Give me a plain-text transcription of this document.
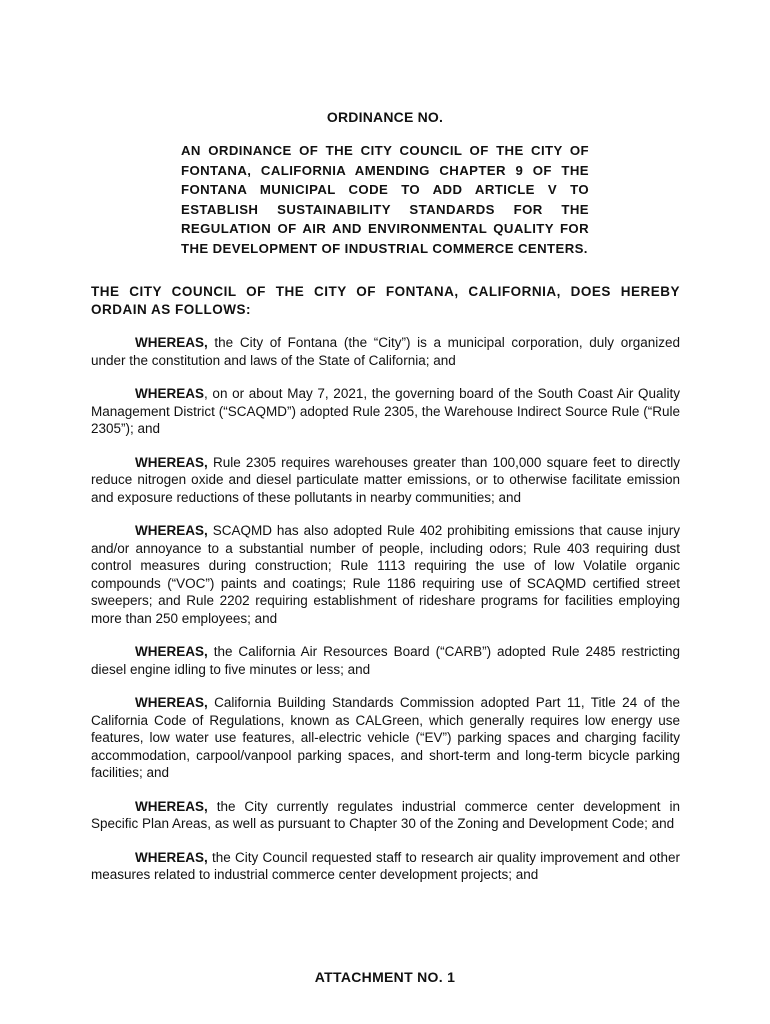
ORDINANCE NO.
AN ORDINANCE OF THE CITY COUNCIL OF THE CITY OF FONTANA, CALIFORNIA AMENDING CHAPTER 9 OF THE FONTANA MUNICIPAL CODE TO ADD ARTICLE V TO ESTABLISH SUSTAINABILITY STANDARDS FOR THE REGULATION OF AIR AND ENVIRONMENTAL QUALITY FOR THE DEVELOPMENT OF INDUSTRIAL COMMERCE CENTERS.
THE CITY COUNCIL OF THE CITY OF FONTANA, CALIFORNIA, DOES HEREBY ORDAIN AS FOLLOWS:

WHEREAS, the City of Fontana (the “City”) is a municipal corporation, duly organized under the constitution and laws of the State of California; and

WHEREAS, on or about May 7, 2021, the governing board of the South Coast Air Quality Management District (“SCAQMD”) adopted Rule 2305, the Warehouse Indirect Source Rule (“Rule 2305”); and

WHEREAS, Rule 2305 requires warehouses greater than 100,000 square feet to directly reduce nitrogen oxide and diesel particulate matter emissions, or to otherwise facilitate emission and exposure reductions of these pollutants in nearby communities; and

WHEREAS, SCAQMD has also adopted Rule 402 prohibiting emissions that cause injury and/or annoyance to a substantial number of people, including odors; Rule 403 requiring dust control measures during construction; Rule 1113 requiring the use of low Volatile organic compounds (“VOC”) paints and coatings; Rule 1186 requiring use of SCAQMD certified street sweepers; and Rule 2202 requiring establishment of rideshare programs for facilities employing more than 250 employees; and

WHEREAS, the California Air Resources Board (“CARB”) adopted Rule 2485 restricting diesel engine idling to five minutes or less; and

WHEREAS, California Building Standards Commission adopted Part 11, Title 24 of the California Code of Regulations, known as CALGreen, which generally requires low energy use features, low water use features, all-electric vehicle (“EV”) parking spaces and charging facility accommodation, carpool/vanpool parking spaces, and short-term and long-term bicycle parking facilities; and

WHEREAS, the City currently regulates industrial commerce center development in Specific Plan Areas, as well as pursuant to Chapter 30 of the Zoning and Development Code; and

WHEREAS, the City Council requested staff to research air quality improvement and other measures related to industrial commerce center development projects; and

ATTACHMENT NO. 1
